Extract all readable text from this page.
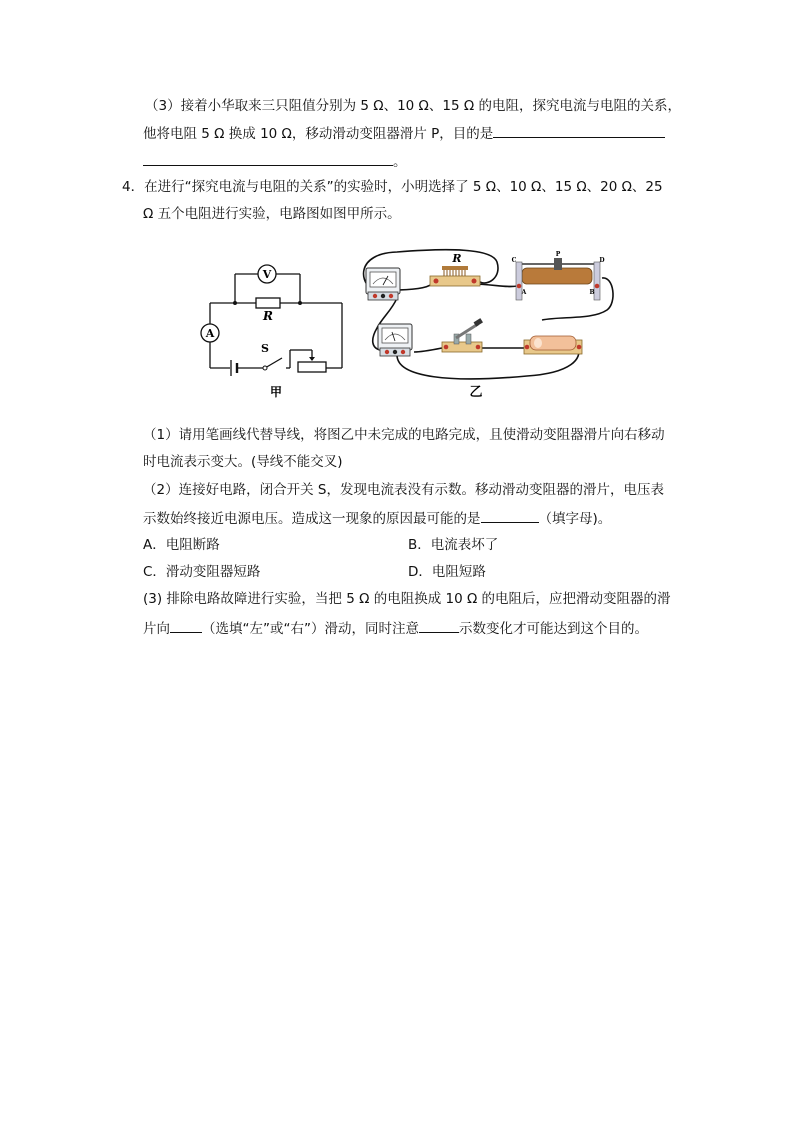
（3）接着小华取来三只阻值分别为 5 Ω、10 Ω、15 Ω 的电阻，探究电流与电阻的关系，
他将电阻 5 Ω 换成 10 Ω，移动滑动变阻器滑片 P，目的是
。
4．在进行“探究电流与电阻的关系”的实验时，小明选择了 5 Ω、10 Ω、15 Ω、20 Ω、25
Ω 五个电阻进行实验，电路图如图甲所示。
V
A
R
S
甲
R	C
P
D
A	B
乙
（1）请用笔画线代替导线，将图乙中未完成的电路完成，且使滑动变阻器滑片向右移动
时电流表示变大。(导线不能交叉)
（2）连接好电路，闭合开关 S，发现电流表没有示数。移动滑动变阻器的滑片，电压表
示数始终接近电源电压。造成这一现象的原因最可能的是	（填字母)。
A．电阻断路	B．电流表坏了
C．滑动变阻器短路	D．电阻短路
(3) 排除电路故障进行实验，当把 5 Ω 的电阻换成 10 Ω 的电阻后，应把滑动变阻器的滑
片向 （选填“左”或“右”）滑动，同时注意	示数变化才可能达到这个目的。
